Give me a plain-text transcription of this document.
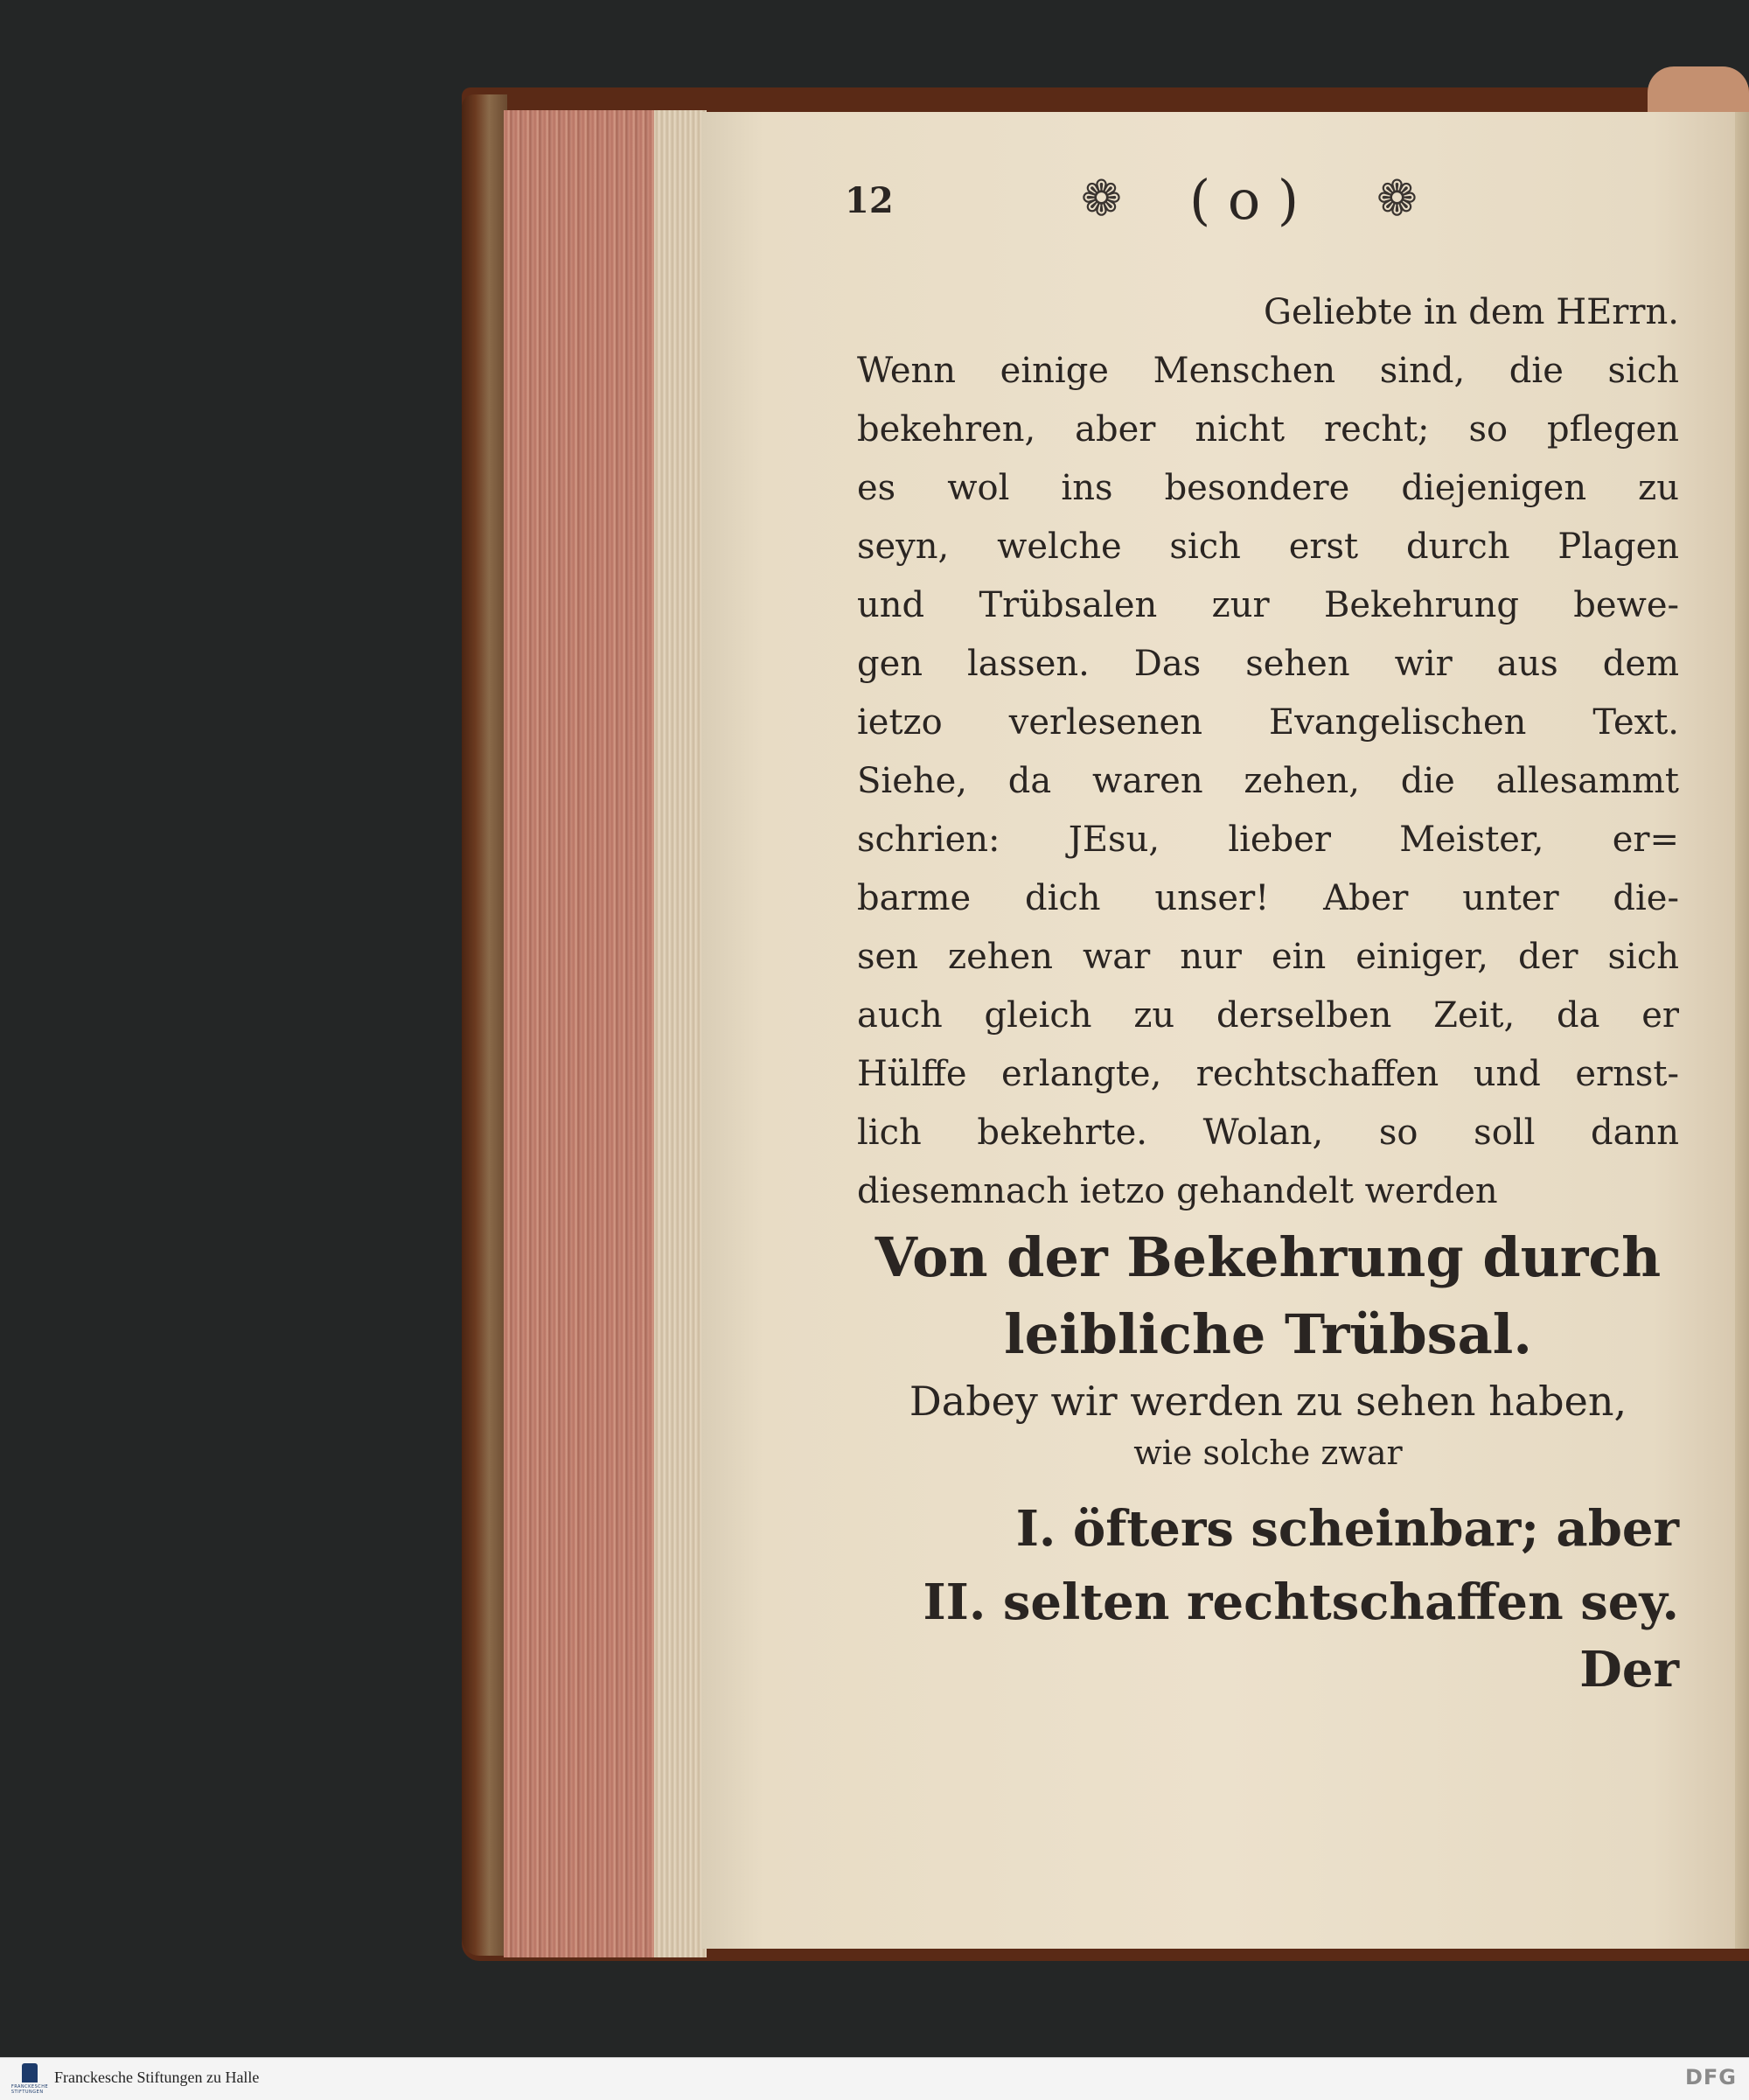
12	❁ ( o ) ❁
Geliebte in dem HErrn.
Wenn einige Menschen sind, die sich
bekehren, aber nicht recht; so pflegen
es wol ins besondere diejenigen zu
seyn, welche sich erst durch Plagen
und Trübsalen zur Bekehrung bewe-
gen lassen. Das sehen wir aus dem
ietzo verlesenen Evangelischen Text.
Siehe, da waren zehen, die allesammt
schrien: JEsu, lieber Meister, er=
barme dich unser! Aber unter die-
sen zehen war nur ein einiger, der sich
auch gleich zu derselben Zeit, da er
Hülffe erlangte, rechtschaffen und ernst-
lich bekehrte. Wolan, so soll dann
diesemnach ietzo gehandelt werden
Von der Bekehrung durch
leibliche Trübsal.
Dabey wir werden zu sehen haben,
wie solche zwar
I. öfters scheinbar; aber
II. selten rechtschaffen sey.
Der
FRANCKESCHE STIFTUNGEN
Franckesche Stiftungen zu Halle	DFG
